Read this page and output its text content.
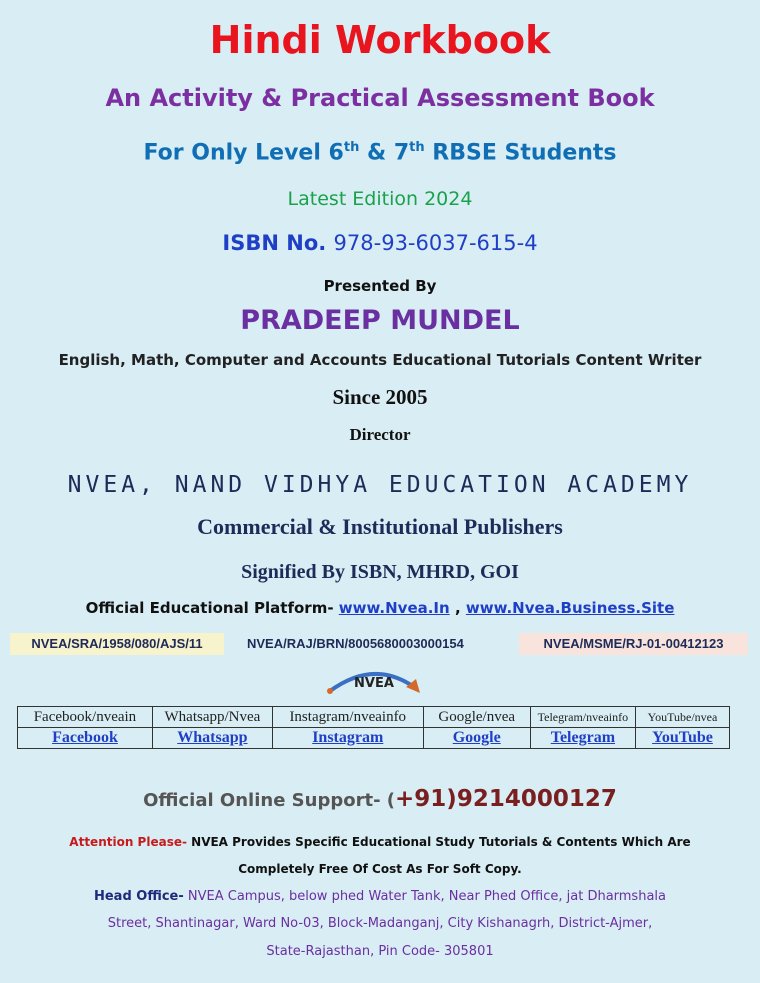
Hindi Workbook
An Activity & Practical Assessment Book
For Only Level 6th & 7th RBSE Students
Latest Edition 2024
ISBN No. 978-93-6037-615-4
Presented By
PRADEEP MUNDEL
English, Math, Computer and Accounts Educational Tutorials Content Writer
Since 2005
Director
NVEA, NAND VIDHYA EDUCATION ACADEMY
Commercial & Institutional Publishers
Signified By ISBN, MHRD, GOI
Official Educational Platform- www.Nvea.In , www.Nvea.Business.Site
NVEA/SRA/1958/080/AJS/11	NVEA/RAJ/BRN/8005680003000154	NVEA/MSME/RJ-01-00412123
NVEA
Facebook/nveain	Whatsapp/Nvea	Instagram/nveainfo	Google/nvea	Telegram/nveainfo	YouTube/nvea
Facebook	Whatsapp	Instagram	Google	Telegram	YouTube
Official Online Support- (+91)9214000127
Attention Please- NVEA Provides Specific Educational Study Tutorials & Contents Which Are
Completely Free Of Cost As For Soft Copy.
Head Office- NVEA Campus, below phed Water Tank, Near Phed Office, jat Dharmshala
Street, Shantinagar, Ward No-03, Block-Madanganj, City Kishanagrh, District-Ajmer,
State-Rajasthan, Pin Code- 305801
